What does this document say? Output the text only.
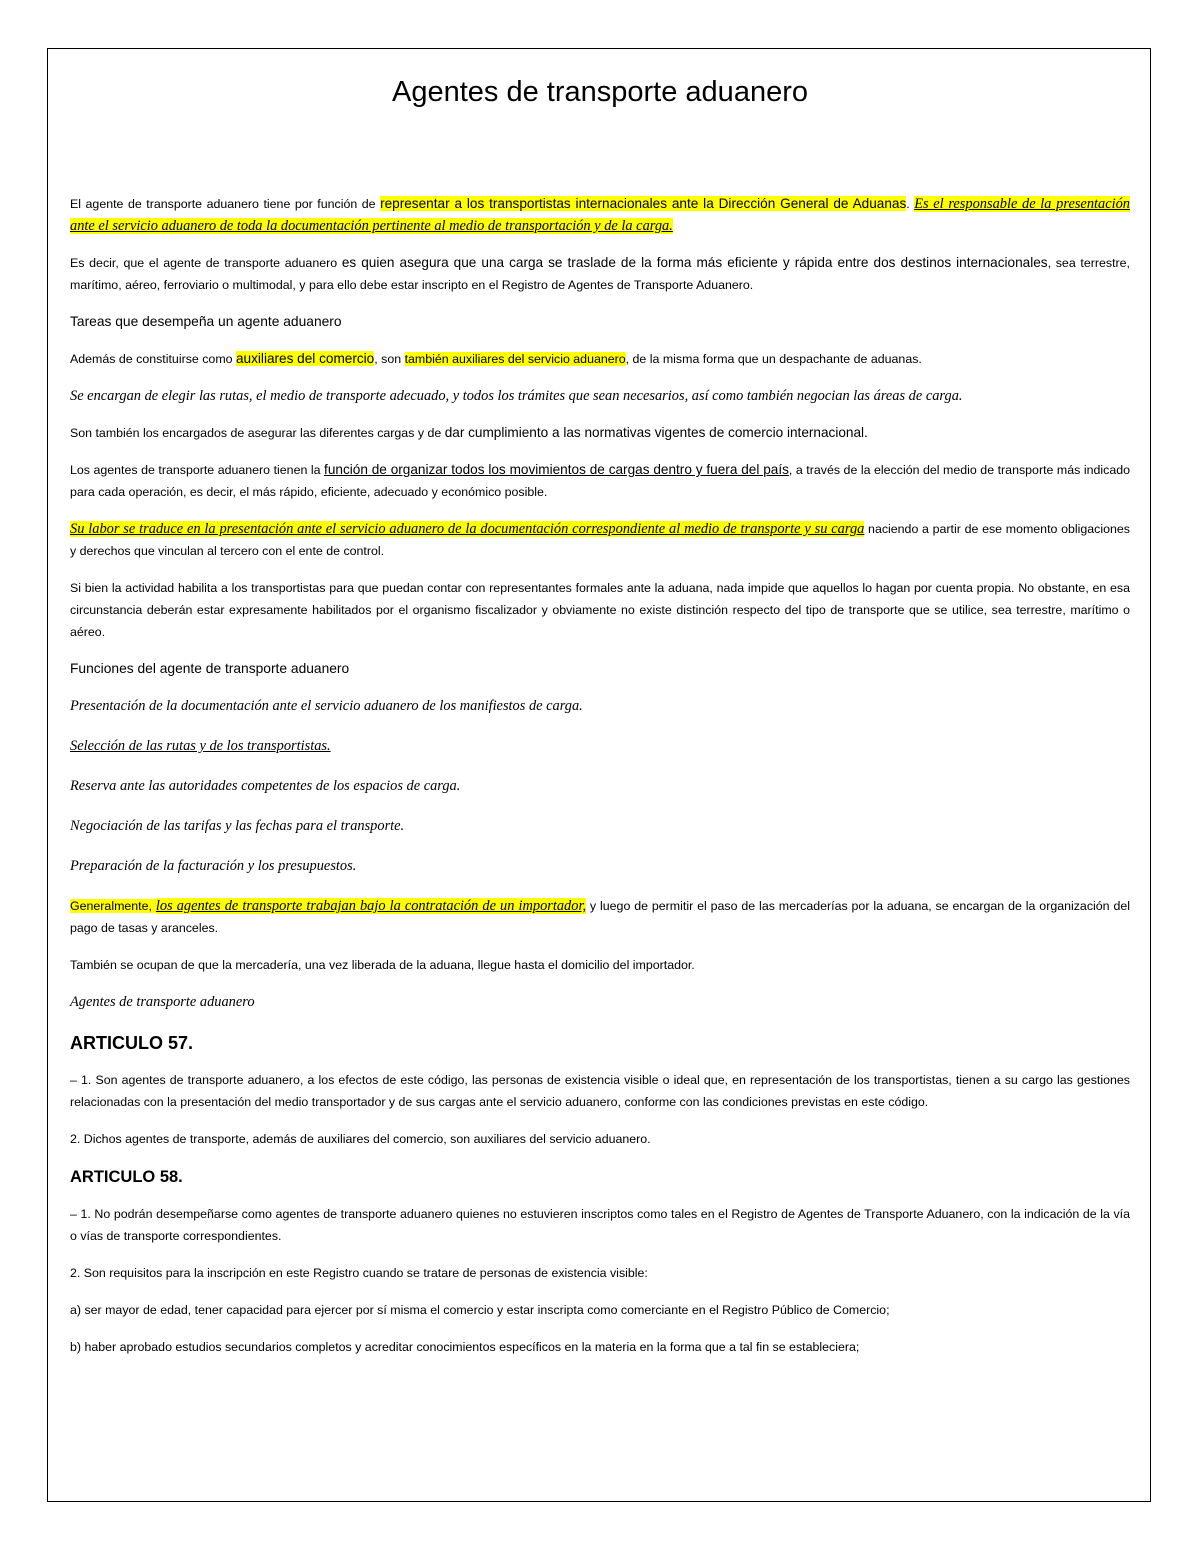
Agentes de transporte aduanero

El agente de transporte aduanero tiene por función de representar a los transportistas internacionales ante la Dirección General de Aduanas. Es el responsable de la presentación ante el servicio aduanero de toda la documentación pertinente al medio de transportación y de la carga.

Es decir, que el agente de transporte aduanero es quien asegura que una carga se traslade de la forma más eficiente y rápida entre dos destinos internacionales, sea terrestre, marítimo, aéreo, ferroviario o multimodal, y para ello debe estar inscripto en el Registro de Agentes de Transporte Aduanero.

Tareas que desempeña un agente aduanero

Además de constituirse como auxiliares del comercio, son también auxiliares del servicio aduanero, de la misma forma que un despachante de aduanas.

Se encargan de elegir las rutas, el medio de transporte adecuado, y todos los trámites que sean necesarios, así como también negocian las áreas de carga.

Son también los encargados de asegurar las diferentes cargas y de dar cumplimiento a las normativas vigentes de comercio internacional.

Los agentes de transporte aduanero tienen la función de organizar todos los movimientos de cargas dentro y fuera del país, a través de la elección del medio de transporte más indicado para cada operación, es decir, el más rápido, eficiente, adecuado y económico posible.

Su labor se traduce en la presentación ante el servicio aduanero de la documentación correspondiente al medio de transporte y su carga naciendo a partir de ese momento obligaciones y derechos que vinculan al tercero con el ente de control.

Si bien la actividad habilita a los transportistas para que puedan contar con representantes formales ante la aduana, nada impide que aquellos lo hagan por cuenta propia. No obstante, en esa circunstancia deberán estar expresamente habilitados por el organismo fiscalizador y obviamente no existe distinción respecto del tipo de transporte que se utilice, sea terrestre, marítimo o aéreo.

Funciones del agente de transporte aduanero
Presentación de la documentación ante el servicio aduanero de los manifiestos de carga.
Selección de las rutas y de los transportistas.
Reserva ante las autoridades competentes de los espacios de carga.
Negociación de las tarifas y las fechas para el transporte.
Preparación de la facturación y los presupuestos.

Generalmente, los agentes de transporte trabajan bajo la contratación de un importador, y luego de permitir el paso de las mercaderías por la aduana, se encargan de la organización del pago de tasas y aranceles.

También se ocupan de que la mercadería, una vez liberada de la aduana, llegue hasta el domicilio del importador.

Agentes de transporte aduanero
ARTICULO 57.

– 1. Son agentes de transporte aduanero, a los efectos de este código, las personas de existencia visible o ideal que, en representación de los transportistas, tienen a su cargo las gestiones relacionadas con la presentación del medio transportador y de sus cargas ante el servicio aduanero, conforme con las condiciones previstas en este código.

2. Dichos agentes de transporte, además de auxiliares del comercio, son auxiliares del servicio aduanero.

ARTICULO 58.

– 1. No podrán desempeñarse como agentes de transporte aduanero quienes no estuvieren inscriptos como tales en el Registro de Agentes de Transporte Aduanero, con la indicación de la vía o vías de transporte correspondientes.

2. Son requisitos para la inscripción en este Registro cuando se tratare de personas de existencia visible:

a) ser mayor de edad, tener capacidad para ejercer por sí misma el comercio y estar inscripta como comerciante en el Registro Público de Comercio;

b) haber aprobado estudios secundarios completos y acreditar conocimientos específicos en la materia en la forma que a tal fin se estableciera;
